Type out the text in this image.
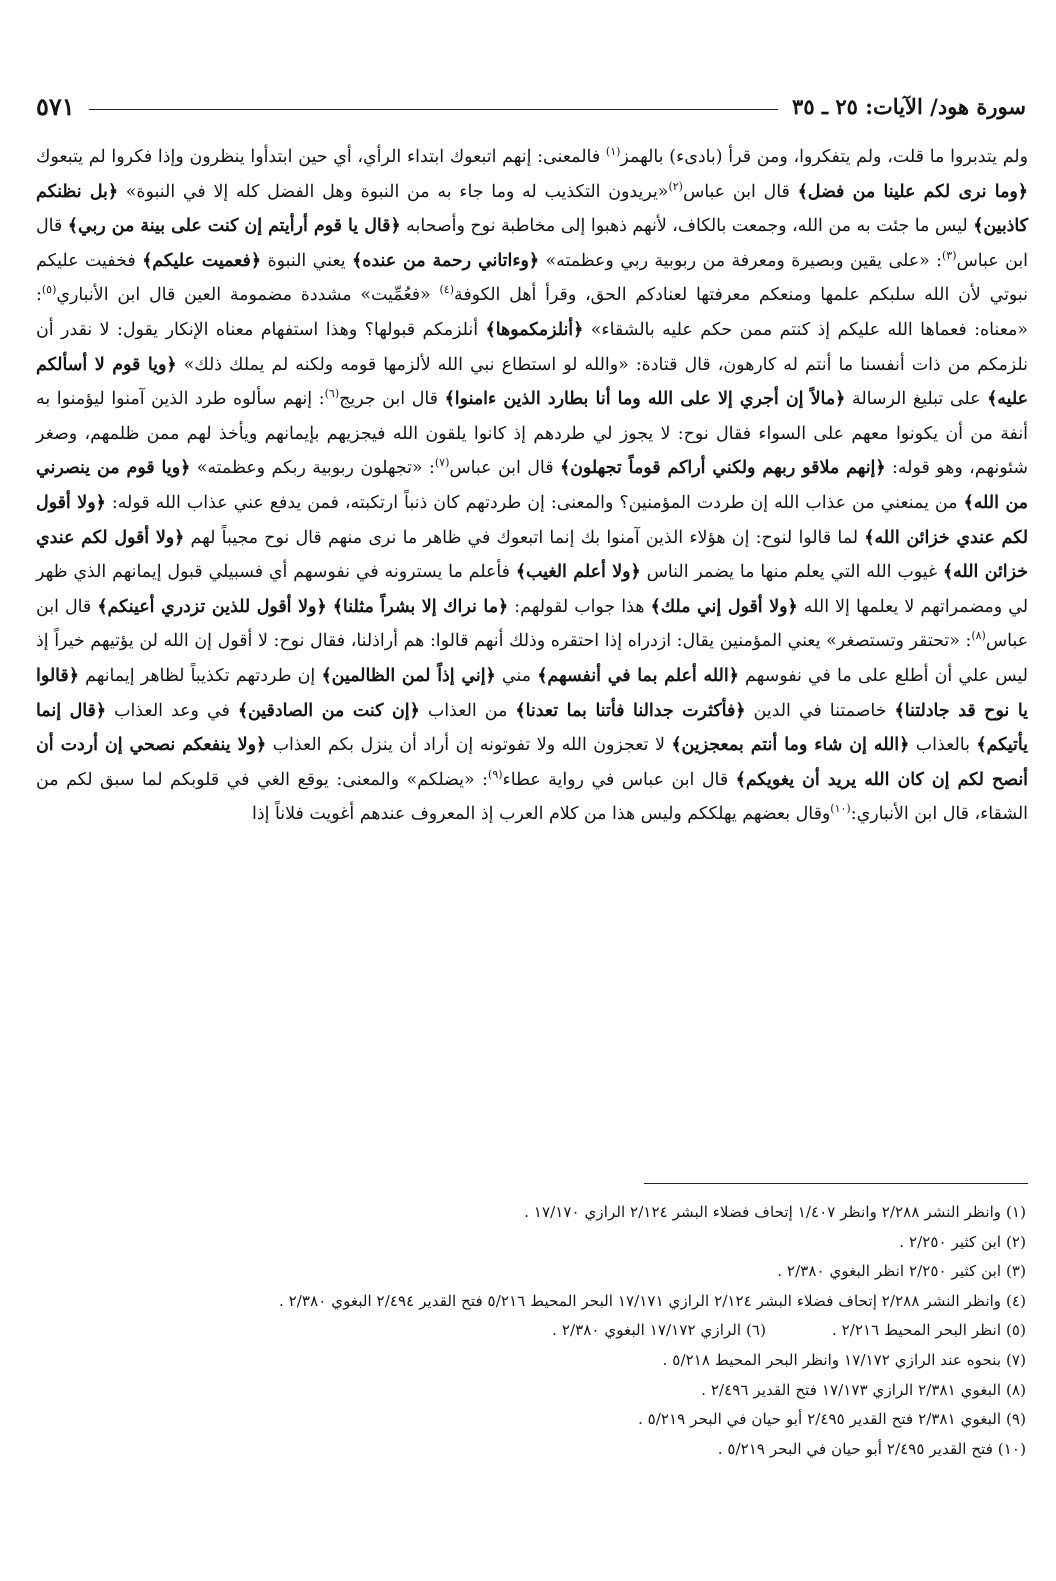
سورة هود/ الآيات: ٢٥ ـ ٣٥
٥٧١

ولم يتدبروا ما قلت، ولم يتفكروا، ومن قرأ (بادىء) بالهمز$^{(١)}$ فالمعنى: إنهم اتبعوك ابتداء الرأي، أي حين ابتدأوا ينظرون وإذا فكروا لم يتبعوك ﴿وما نرى لكم علينا من فضل﴾ قال ابن عباس$^{(٢)}$«يريدون التكذيب له وما جاء به من النبوة وهل الفضل كله إلا في النبوة» ﴿بل نظنكم كاذبين﴾ ليس ما جئت به من الله، وجمعت بالكاف، لأنهم ذهبوا إلى مخاطبة نوح وأصحابه ﴿قال يا قوم أرأيتم إن كنت على بينة من ربي﴾ قال ابن عباس$^{(٣)}$: «على يقين وبصيرة ومعرفة من ربوبية ربي وعظمته» ﴿وءاتاني رحمة من عنده﴾ يعني النبوة ﴿فعميت عليكم﴾ فخفيت عليكم نبوتي لأن الله سلبكم علمها ومنعكم معرفتها لعنادكم الحق، وقرأ أهل الكوفة$^{(٤)}$ «فعُمِّيت» مشددة مضمومة العين قال ابن الأنباري$^{(٥)}$: «معناه: فعماها الله عليكم إذ كنتم ممن حكم عليه بالشقاء» ﴿أنلزمكموها﴾ أنلزمكم قبولها؟ وهذا استفهام معناه الإنكار يقول: لا نقدر أن نلزمكم من ذات أنفسنا ما أنتم له كارهون، قال قتادة: «والله لو استطاع نبي الله لألزمها قومه ولكنه لم يملك ذلك» ﴿ويا قوم لا أسألكم عليه﴾ على تبليغ الرسالة ﴿مالاً إن أجري إلا على الله وما أنا بطارد الذين ءامنوا﴾ قال ابن جريج$^{(٦)}$: إنهم سألوه طرد الذين آمنوا ليؤمنوا به أنفة من أن يكونوا معهم على السواء فقال نوح: لا يجوز لي طردهم إذ كانوا يلقون الله فيجزيهم بإيمانهم ويأخذ لهم ممن ظلمهم، وصغر شئونهم، وهو قوله: ﴿إنهم ملاقو ربهم ولكني أراكم قوماً تجهلون﴾ قال ابن عباس$^{(٧)}$: «تجهلون ربوبية ربكم وعظمته» ﴿ويا قوم من ينصرني من الله﴾ من يمنعني من عذاب الله إن طردت المؤمنين؟ والمعنى: إن طردتهم كان ذنباً ارتكبته، فمن يدفع عني عذاب الله قوله: ﴿ولا أقول لكم عندي خزائن الله﴾ لما قالوا لنوح: إن هؤلاء الذين آمنوا بك إنما اتبعوك في ظاهر ما نرى منهم قال نوح مجيباً لهم ﴿ولا أقول لكم عندي خزائن الله﴾ غيوب الله التي يعلم منها ما يضمر الناس ﴿ولا أعلم الغيب﴾ فأعلم ما يسترونه في نفوسهم أي فسبيلي قبول إيمانهم الذي ظهر لي ومضمراتهم لا يعلمها إلا الله ﴿ولا أقول إني ملك﴾ هذا جواب لقولهم: ﴿ما نراك إلا بشراً مثلنا﴾ ﴿ولا أقول للذين تزدري أعينكم﴾ قال ابن عباس$^{(٨)}$: «تحتقر وتستصغر» يعني المؤمنين يقال: ازدراه إذا احتقره وذلك أنهم قالوا: هم أراذلنا، فقال نوح: لا أقول إن الله لن يؤتيهم خيراً إذ ليس علي أن أطلع على ما في نفوسهم ﴿الله أعلم بما في أنفسهم﴾ مني ﴿إني إذاً لمن الظالمين﴾ إن طردتهم تكذيباً لظاهر إيمانهم ﴿قالوا يا نوح قد جادلتنا﴾ خاصمتنا في الدين ﴿فأكثرت جدالنا فأتنا بما تعدنا﴾ من العذاب ﴿إن كنت من الصادقين﴾ في وعد العذاب ﴿قال إنما يأتيكم﴾ بالعذاب ﴿الله إن شاء وما أنتم بمعجزين﴾ لا تعجزون الله ولا تفوتونه إن أراد أن ينزل بكم العذاب ﴿ولا ينفعكم نصحي إن أردت أن أنصح لكم إن كان الله يريد أن يغويكم﴾ قال ابن عباس في رواية عطاء$^{(٩)}$: «يضلكم» والمعنى: يوقع الغي في قلوبكم لما سبق لكم من الشقاء، قال ابن الأنباري:$^{(١٠)}$وقال بعضهم يهلككم وليس هذا من كلام العرب إذ المعروف عندهم أغويت فلاناً إذا

(١) وانظر النشر ٢/٢٨٨ وانظر ١/٤٠٧ إتحاف فضلاء البشر ٢/١٢٤ الرازي ١٧/١٧٠ .
(٢) ابن كثير ٢/٢٥٠ .
(٣) ابن كثير ٢/٢٥٠ انظر البغوي ٢/٣٨٠ .
(٤) وانظر النشر ٢/٢٨٨ إتحاف فضلاء البشر ٢/١٢٤ الرازي ١٧/١٧١ البحر المحيط ٥/٢١٦ فتح القدير ٢/٤٩٤ البغوي ٢/٣٨٠ .
(٥) انظر البحر المحيط ٢/٢١٦ .
(٦) الرازي ١٧/١٧٢ البغوي ٢/٣٨٠ .
(٧) بنحوه عند الرازي ١٧/١٧٢ وانظر البحر المحيط ٥/٢١٨ .
(٨) البغوي ٢/٣٨١ الرازي ١٧/١٧٣ فتح القدير ٢/٤٩٦ .
(٩) البغوي ٢/٣٨١ فتح القدير ٢/٤٩٥ أبو حيان في البحر ٥/٢١٩ .
(١٠) فتح القدير ٢/٤٩٥ أبو حيان في البحر ٥/٢١٩ .
